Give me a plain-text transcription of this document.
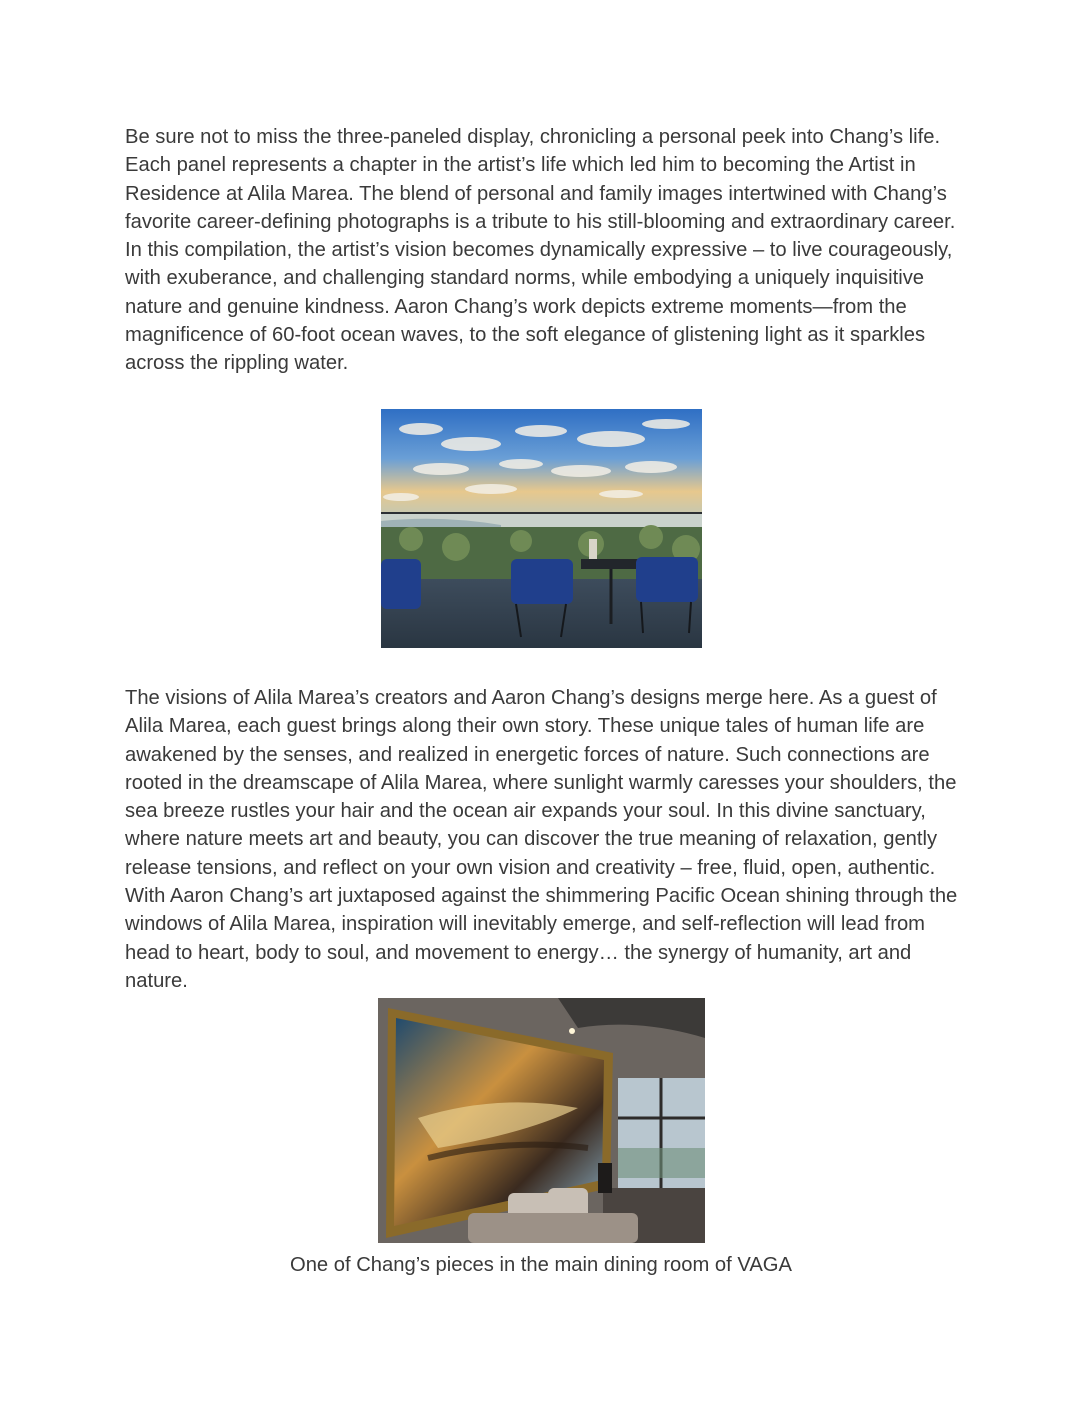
Be sure not to miss the three-paneled display, chronicling a personal peek into Chang’s life. Each panel represents a chapter in the artist’s life which led him to becoming the Artist in Residence at Alila Marea. The blend of personal and family images intertwined with Chang’s favorite career-defining photographs is a tribute to his still-blooming and extraordinary career. In this compilation, the artist’s vision becomes dynamically expressive – to live courageously, with exuberance, and challenging standard norms, while embodying a uniquely inquisitive nature and genuine kindness. Aaron Chang’s work depicts extreme moments—from the magnificence of 60-foot ocean waves, to the soft elegance of glistening light as it sparkles across the rippling water.

The visions of Alila Marea’s creators and Aaron Chang’s designs merge here. As a guest of Alila Marea, each guest brings along their own story. These unique tales of human life are awakened by the senses, and realized in energetic forces of nature. Such connections are rooted in the dreamscape of Alila Marea, where sunlight warmly caresses your shoulders, the sea breeze rustles your hair and the ocean air expands your soul. In this divine sanctuary, where nature meets art and beauty, you can discover the true meaning of relaxation, gently release tensions, and reflect on your own vision and creativity – free, fluid, open, authentic. With Aaron Chang’s art juxtaposed against the shimmering Pacific Ocean shining through the windows of Alila Marea, inspiration will inevitably emerge, and self-reflection will lead from head to heart, body to soul, and movement to energy… the synergy of humanity, art and nature.

One of Chang’s pieces in the main dining room of VAGA
